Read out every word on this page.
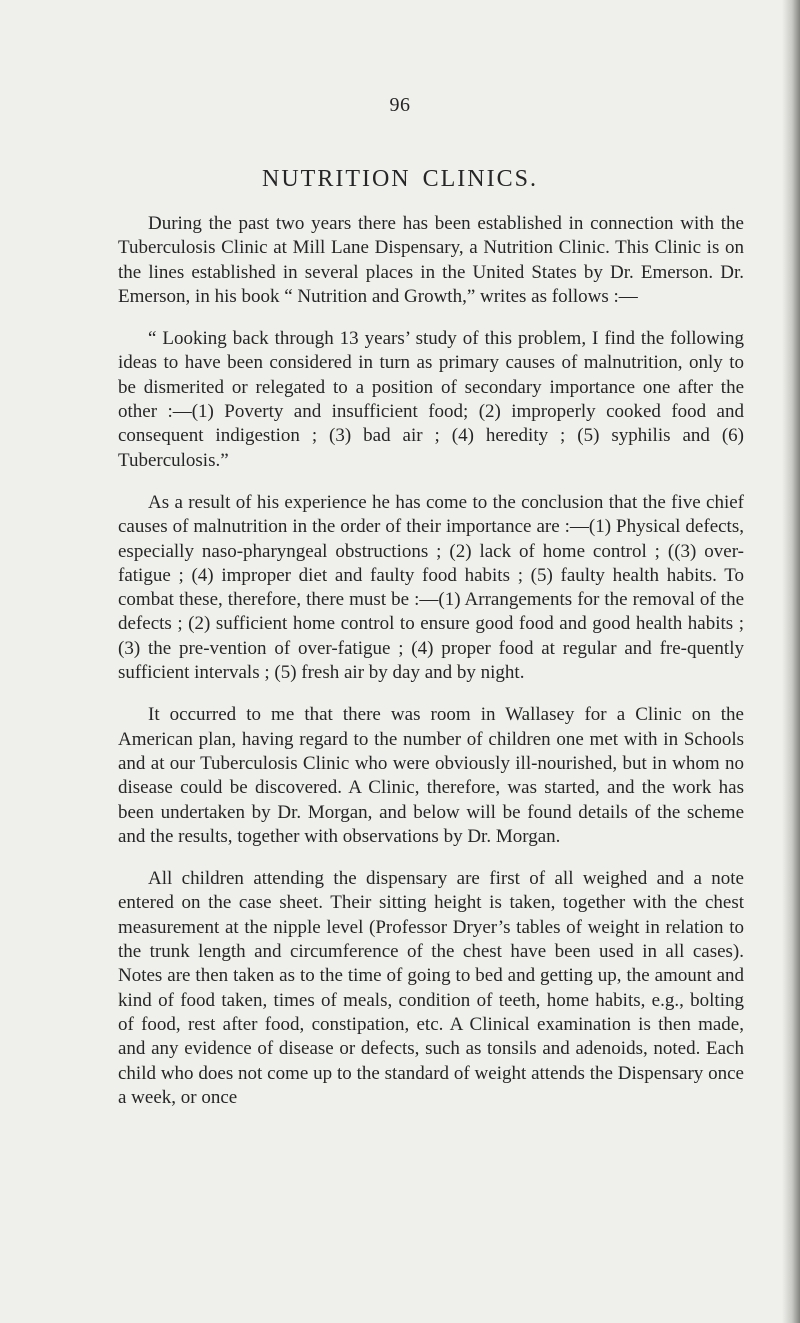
96
NUTRITION CLINICS.

During the past two years there has been established in connection with the Tuberculosis Clinic at Mill Lane Dispensary, a Nutrition Clinic. This Clinic is on the lines established in several places in the United States by Dr. Emerson. Dr. Emerson, in his book “ Nutrition and Growth,” writes as follows :—

“ Looking back through 13 years’ study of this problem, I find the following ideas to have been considered in turn as primary causes of malnutrition, only to be dismerited or relegated to a position of secondary importance one after the other :—(1) Poverty and insufficient food; (2) improperly cooked food and consequent indigestion ; (3) bad air ; (4) heredity ; (5) syphilis and (6) Tuberculosis.”

As a result of his experience he has come to the conclusion that the five chief causes of malnutrition in the order of their importance are :—(1) Physical defects, especially naso-pharyngeal obstructions ; (2) lack of home control ; ((3) over-fatigue ; (4) improper diet and faulty food habits ; (5) faulty health habits. To combat these, therefore, there must be :—(1) Arrangements for the removal of the defects ; (2) sufficient home control to ensure good food and good health habits ; (3) the pre-vention of over-fatigue ; (4) proper food at regular and fre-quently sufficient intervals ; (5) fresh air by day and by night.

It occurred to me that there was room in Wallasey for a Clinic on the American plan, having regard to the number of children one met with in Schools and at our Tuberculosis Clinic who were obviously ill-nourished, but in whom no disease could be discovered. A Clinic, therefore, was started, and the work has been undertaken by Dr. Morgan, and below will be found details of the scheme and the results, together with observations by Dr. Morgan.

All children attending the dispensary are first of all weighed and a note entered on the case sheet. Their sitting height is taken, together with the chest measurement at the nipple level (Professor Dryer’s tables of weight in relation to the trunk length and circumference of the chest have been used in all cases). Notes are then taken as to the time of going to bed and getting up, the amount and kind of food taken, times of meals, condition of teeth, home habits, e.g., bolting of food, rest after food, constipation, etc. A Clinical examination is then made, and any evidence of disease or defects, such as tonsils and adenoids, noted. Each child who does not come up to the standard of weight attends the Dispensary once a week, or once
